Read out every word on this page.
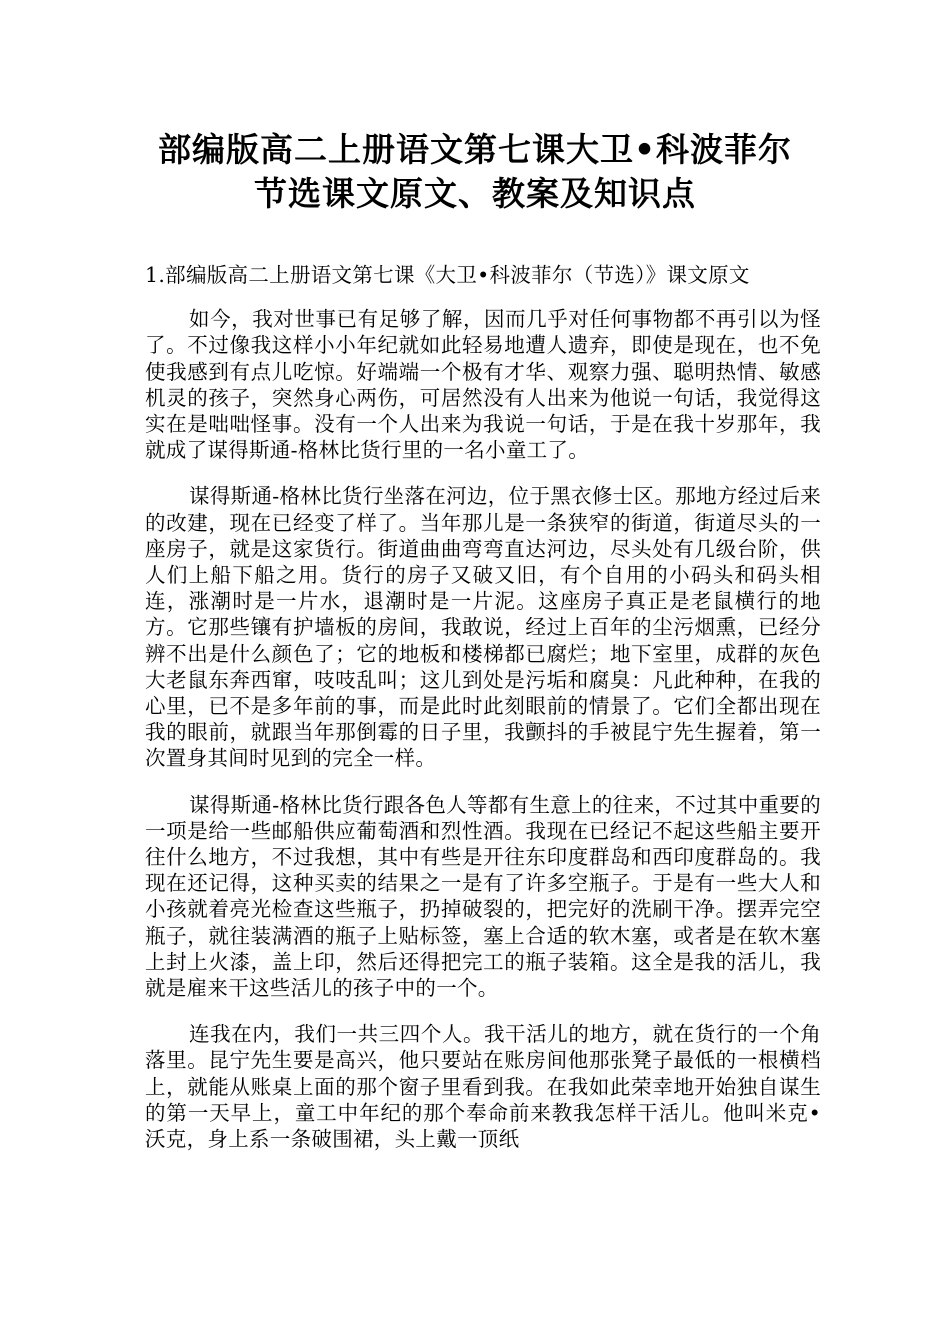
部编版高二上册语文第七课大卫•科波菲尔
节选课文原文、教案及知识点
1.部编版高二上册语文第七课《大卫•科波菲尔（节选）》课文原文

如今，我对世事已有足够了解，因而几乎对任何事物都不再引以为怪了。不过像我这样小小年纪就如此轻易地遭人遗弃，即使是现在，也不免使我感到有点儿吃惊。好端端一个极有才华、观察力强、聪明热情、敏感机灵的孩子，突然身心两伤，可居然没有人出来为他说一句话，我觉得这实在是咄咄怪事。没有一个人出来为我说一句话，于是在我十岁那年，我就成了谋得斯通-格林比货行里的一名小童工了。

谋得斯通-格林比货行坐落在河边，位于黑衣修士区。那地方经过后来的改建，现在已经变了样了。当年那儿是一条狭窄的街道，街道尽头的一座房子，就是这家货行。街道曲曲弯弯直达河边，尽头处有几级台阶，供人们上船下船之用。货行的房子又破又旧，有个自用的小码头和码头相连，涨潮时是一片水，退潮时是一片泥。这座房子真正是老鼠横行的地方。它那些镶有护墙板的房间，我敢说，经过上百年的尘污烟熏，已经分辨不出是什么颜色了；它的地板和楼梯都已腐烂；地下室里，成群的灰色大老鼠东奔西窜，吱吱乱叫；这儿到处是污垢和腐臭：凡此种种，在我的心里，已不是多年前的事，而是此时此刻眼前的情景了。它们全都出现在我的眼前，就跟当年那倒霉的日子里，我颤抖的手被昆宁先生握着，第一次置身其间时见到的完全一样。

谋得斯通-格林比货行跟各色人等都有生意上的往来，不过其中重要的一项是给一些邮船供应葡萄酒和烈性酒。我现在已经记不起这些船主要开往什么地方，不过我想，其中有些是开往东印度群岛和西印度群岛的。我现在还记得，这种买卖的结果之一是有了许多空瓶子。于是有一些大人和小孩就着亮光检查这些瓶子，扔掉破裂的，把完好的洗刷干净。摆弄完空瓶子，就往装满酒的瓶子上贴标签，塞上合适的软木塞，或者是在软木塞上封上火漆，盖上印，然后还得把完工的瓶子装箱。这全是我的活儿，我就是雇来干这些活儿的孩子中的一个。

连我在内，我们一共三四个人。我干活儿的地方，就在货行的一个角落里。昆宁先生要是高兴，他只要站在账房间他那张凳子最低的一根横档上，就能从账桌上面的那个窗子里看到我。在我如此荣幸地开始独自谋生的第一天早上，童工中年纪的那个奉命前来教我怎样干活儿。他叫米克•沃克，身上系一条破围裙，头上戴一顶纸
